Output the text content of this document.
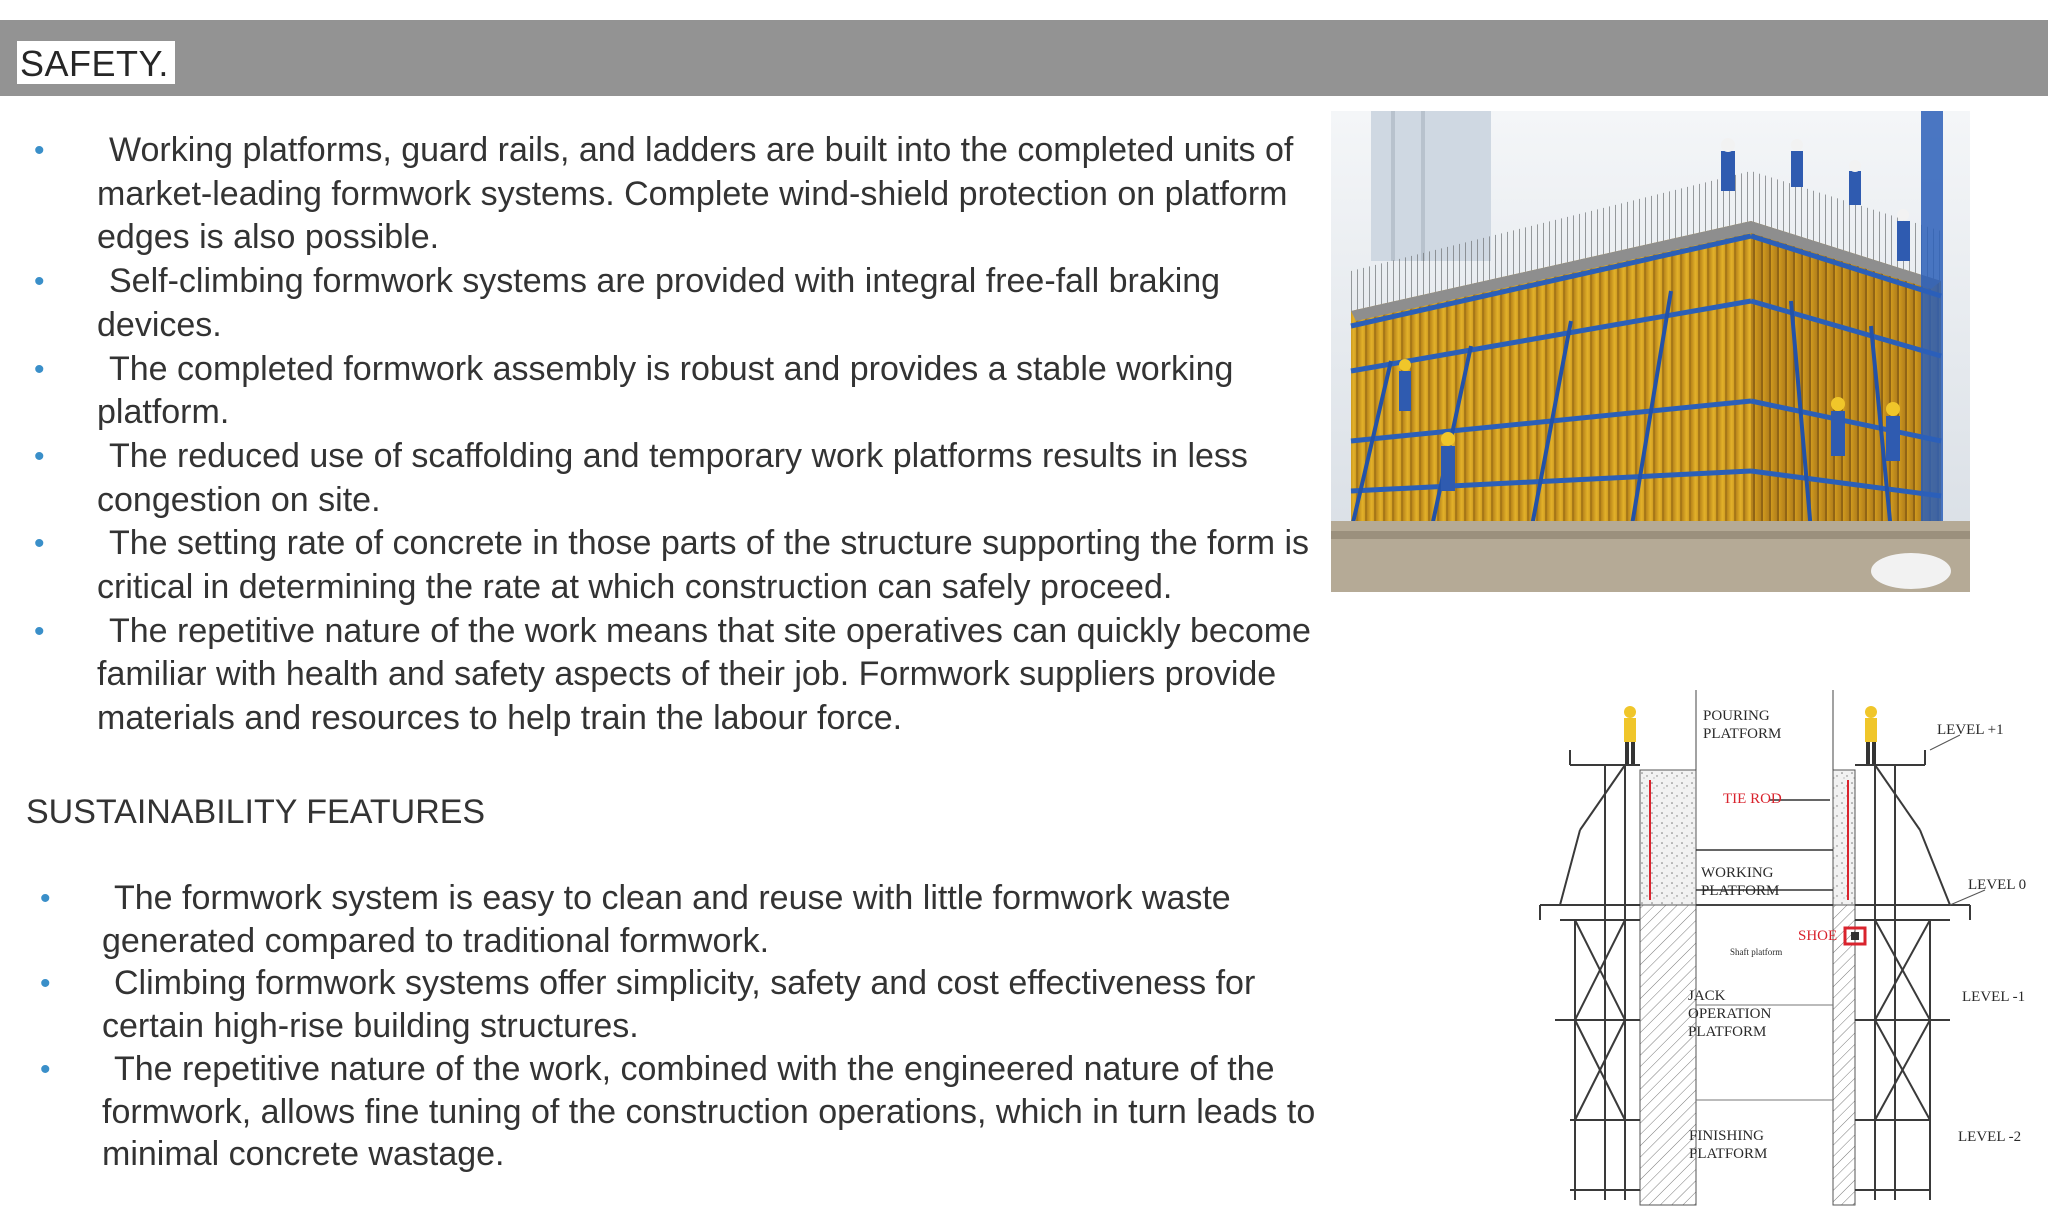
SAFETY.
•	Working platforms, guard rails, and ladders are built into the completed units of market-leading formwork systems. Complete wind-shield protection on platform edges is also possible.
•	Self-climbing formwork systems are provided with integral free-fall braking devices.
•	The completed formwork assembly is robust and provides a stable working platform.
•	The reduced use of scaffolding and temporary work platforms results in less congestion on site.
•	The setting rate of concrete in those parts of the structure supporting the form is critical in determining the rate at which construction can safely proceed.
•	The repetitive nature of the work means that site operatives can quickly become familiar with health and safety aspects of their job. Formwork suppliers provide materials and resources to help train the labour force.
SUSTAINABILITY FEATURES
•	The formwork system is easy to clean and reuse with little formwork waste generated compared to traditional formwork.
•	Climbing formwork systems offer simplicity, safety and cost effectiveness for certain high-rise building structures.
•	The repetitive nature of the work, combined with the engineered nature of the formwork, allows fine tuning of the construction operations, which in turn leads to minimal concrete wastage.
POURING
PLATFORM
TIE ROD
WORKING
PLATFORM
SHOE
Shaft platform
JACK
OPERATION
PLATFORM
FINISHING
PLATFORM
LEVEL +1
LEVEL 0
LEVEL -1
LEVEL -2
